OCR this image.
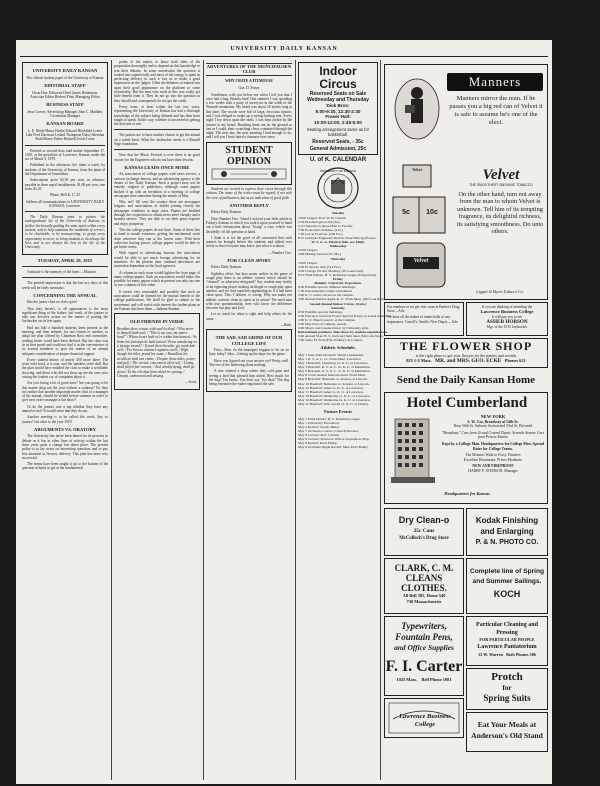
UNIVERSITY DAILY KANSAN
UNIVERSITY DAILY KANSAN

The official student paper of the University of Kansas

EDITORIAL STAFF

Oscar Hoe, Editor-in-Chief James Hoskinson, Associate Editor Herbert Flint, Managing Editor

BUSINESS STAFF

Jesse Loeser, Advertising Manager John C. Madden, Circulation Manager

KANSAN BOARD

L. E. Heide Henry Hoeke Edward Hirshfield Lester Lahr Fred Davisson Leland Thompson Daisy Sheridan Ruth Moore Esther Bodwell Jessie Lentz

Entered as second-class mail matter September 17, 1910, at the postoffice at Lawrence, Kansas, under the act of March 3, 1879.

Published in the afternoon five times a week, by students of the University of Kansas, from the plant of the Department of Journalism.

Subscription price $2.50 per year, in advance; payable in three equal installments; $1.00 per year; one term, $1.25.

Phone, Bell K. U. 25

Address all communications to UNIVERSITY DAILY KANSAN, Lawrence.

The Daily Kansan aims to picture the undergraduate life of the University of Kansas; to further the broadly guiding the same spirit within every student, and to help maintain the standards of service; to be charitable; to be unsuspecting; to grasp every opportunity to serve; to bring students to do always the best, and to see always the best in the life of the University.

TUESDAY, APRIL 20, 1915

Gratitude is the memory of the heart.—Massieu.

The general impression is that the last two days of this week will be fairly strenuous.

CONCERNING THE ANNUAL

Has the junior class no class spirit?

That they haven't, is all appearances is the most significant thing of the failure, last week, of the juniors to take any decisive action on the matter of putting the Jayhawker on its feet again.

Had not half a hundred students been present at the meeting, and then refused, for one reason or another, to adopt the plan offered by Chairman Ross and committee, nothing better could have been devised. But the class was in its best mood and could not find it in the convenience of its several members to give the matter of an annual adequate consideration or proper financial support.

Every student knows of nearly 300 more there. The seats were hard, it is true, and the speakers were dull. But the plan would have enabled the class to make a creditable showing, and those who did not show up are the ones now raising the loudest cry of complaint about it.

Are you losing a lot of good ones? Are you going to let this matter drop out the year without a solution? Do they not realize that another important matter, that of a manager of the annual, should be settled before summer in order to give next year's manager a fair show?

Or do the juniors care a rap whether they have any annual or not? It would seem that they do not.

Another meeting is to be called this week. Say so juniors! Get alive to the year 1915!

ARGUMENTS VS. ORATORY

The University has never been famed for its prowess in debate as it has in other lines of activity within the last three years quite a change has taken place. The present policy is to lay stress on interesting questions and to pay less attention to flowery delivery. This plan has been very successful.

The teams have been taught to go to the bottom of the question at hand, to get at the fundamental

points of the matter, to know both sides of the proposition thoroughly and to depend on this knowledge to win their debates. In some universities the question is looked into superficially and most of the energy is spent in perfecting delivery in such a way as to make a good impression on the judges. Often the debaters so trained win upon their good appearance on the platform or some technicality. But the men who work in this way really get little benefit from it. They do not go into the question as they should and consequently do not get the credit.

Every team, at least within the last few years, representing the University of Kansas has had a thorough knowledge of the subject being debated and has then been taught to speak. In this way, whether it succeeded in getting the decision or not.

The juniors are to have another chance to get the annual on a stable basis. What the Jayhawker needs is a Russell Sage foundation.

Now that the Music Festival is over there is no good excuse for the Engineers who do not have their lessons.

KANSAS LEADS ONCE MORE

An association of college papers with news service, a cartoon exchange bureau, and an advertising agency is the dream of the Daily Kansan. Such a project may not be entirely original to publishers, although some papers backed it up with an invitation to a meeting of college newspaper men sometime during the month of May.

Why not? All over the country there are newspaper leagues, and associations of dailies joining closely the newspaper combines in large cities. Papers are enabled through the cooperation to obtain news more cheaply and a broader service. They are able to cut their great expense and enjoy prosperity.

This the college papers do not have. Some of them live in hand to mouth existence, getting the mechanical work done wherever they can at the lowest rates. With their collective buying power, college papers would be able to get better terms.

With regard to advertising bureaus the association would be able to get much foreign advertising for its members. At the present time, national advertisers are somewhat dependent on the local agencies.

A column in each issue would lighten the front page of many college papers. Such an association would make this possible for many papers which at present can only use one or two columns of this value.

It seems very reasonable and possible that such an association could be formed for the mutual benefit of the college publications. We shall be glad to submit to the movement, and will watch with interest the further plans as the Kansan discloses them.—Indiana Student.

OLD FRIENDS IN VERSE

Breathes there a man, with soul so dead, / Who never to himself hath said, / "This is my own, my native land!" / Whose heart hath ne'er within him burned, / As home his footsteps he hath turned / From wandering on a foreign strand? / If such there breathe, go, mark him well; / For him no minstrel raptures swell; / High though his titles, proud his name, / Boundless his wealth as wish can claim; / Despite those titles, power and pelf, / The wretch, concentred all in self, / Living, shall forfeit fair renown, / And, doubly dying, shall go down / To the vile dust from which he sprung, / Unwept, unhonored and unsung.

—Scott.

ADVENTURES OF THE MUNCHAUSEN CLUB
WHY I HATE A TITMOUSE

Gus. D. Fraser

Gentlemen, with you before me when I tell you that I once had a bug. Beastly bird! One summer I was spending a few weeks with a party of surveyors in the wilds of the Wasatch mountains. My beard was about 18 inches long at this time. The woods were full of large, ferocious titmice, and I was obliged to make up a strong-looking tent. Every night I lay down upon the earth, I was kept awake by the titmice in my beard. Brushing them out on the ground as fast as I could, their scratching claws continued through the night. The next day, the next morning I had enough to do, and I tell you I have hated a titmouse ever since.

STUDENT OPINION

Students are invited to express their views through this column. The name of the writer must be signed, if not with the view of publication, but as an indication of good faith.

ANOTHER REPLY

Editor Daily Kansan:

Dear Number Two: Tassel-I noticed your little article in Friday's Kansan in which you took it upon yourself to hand out a little information about "fixing" a case, which was decidedly off the question at hand.

I think it is for the good of all concerned that such matters be brought before the students and talked over freely so that everyone may know just what it is about.

—Number Two.

FOR CLEAN SPORT

Editor Daily Kansan:

Sightless effort, but how many realize in the game of rough play there is an athletic contest which should be "cleaned" or otherwise mitigated? Any student may testify to an opposing player making an illegal or rough play upon another, and we find ourselves applauding as if it had been clean sport. This, I believe, is wrong. Why not make our athletic contests clean in spirit as in action? We need men with true sportsmanship, men who know the difference between fair play and foul.

Let us stand for what is right and help others do the same.

—Ruth.

THE SAD, SAD GRIND OF OUR COLLEGE LIFE

Fritz—How do the managers happen to be on so busy today? Jake—Getting up the dope for the game.

Have you figured out your answer yet? Pretty well. The rest of the bothering about nothing.

A teas entered a shop where they sold guns and seeing a bird that pleased him asked: How much for the dog? Ten bucks. You don't say. Too dear? The dog being extensive the trader negotiated the sale.

Indoor Circus
Reserved Seats on Sale
Wednesday and Thursday
Dick Bros:
8:00-9:30, 12:30-2:30
Fraser Hall:
10:00-12:00, 2:45-5:00
Seating arrangement same as for basketball.
Reserved Seats, - 35c
General Admission, 25c
U. of K. CALENDAR
UNIVERSITY OF KANSAS
Tuesday
10:00 Chapel; Prof. W. H. Carruth.
2:30 Entomological club (Sn.)
3-4 Chancellor's Open Hour to Faculty.
7:30 Economics Seminar. (Lib.)
7:30 Cercle Francais. (106 Fra.)
8:15 Graduate Engineers Recital, Elsie Helwig (Fraser).
W. S. G. A. Election (Mu. sec. Hall).
Wednesday
10:00 Chapel.
4:00 Mining Journal (101 Ha.)
Thursday
10:00 Chapel.
4:00 El Ateneo club (114 Fra.)
4:30 College Faculty Meeting. (05 Green hall).
8:15 Final Debate, H. S. Debating League (Chapel hall).
Friday
Holiday: University Exposition.
9:30 Exhibits open in different buildings.
1:30 Interscholastic tennis tournament.
2:00 K. U. band concert on the campus.
3:00 Annual Kansas Aggie-K. U. Track Meet. (McCook field).
Second Annual Indoor Circus. (Gym.)
Saturday
8:30 Exhibits open in buildings.
9:30 Fine Arts recital in Fraser. Special Friday by Greek dramatics.
2:00 K. U. Band Concert on the Campus.
3:00 May Fete on Campus, parade.
4:00 Mayor and Greeks Dance by University girls.
Refreshment pavilions. Side shows by student organizations.
5:00 Annual State H. S. track and field meet (McCook field).
7:00 Santa Fe Trail (Fife-Widney) on Campus.
Athletic Schedule.
May 1 State Interscholastic Tennis tournament.
May 1 K. S. A. C. vs. Track Meet, Lawrence.
May 1 Baseball. Lindsborg vs. K. U. at Lawrence.
May 3 Baseball, K. S. A. C. vs. K. U. at Manhattan.
May 6 Baseball. K. S. A. C. vs. K. U. at Manhattan.
May 8 Track Annual Interscholastic Track Meet.
May 8 Baseball: Nebraska vs. Kansas, at Lincoln.
May 10 Baseball: Nebraska vs. Kansas, at Lincoln.
May 12 Baseball: Ames vs. K. U. at Lawrence.
May 15 Baseball: Ames vs. K. U. at Lawrence.
May 18 Baseball: Oklahoma vs. K. U. at Lawrence.
May 19 Baseball: Oklahoma vs. K. U. at Lawrence.
May 21 Baseball: Wm. Jewell vs. K. U. at Liberty.
Future Events
May 1 Final Debate: H. S. Debating League.
May 1 University Exposition.
May 4 Recital: Gladys Henry.
May 7 Orchestra concert. Council Election.
May 8 Lecture: Prof. Carruth.
May 8 Lecture: Professor Wilcox Sophomore Hop.
May 8 Recital: Pearl Emley.
May 8 Graduate Organ Recital: Miss Pearl Bailey.
Manners
Manners mirror the man. If he passes you a big red can of Velvet it is safe to assume he's one of the elect.
Velvet
5c	10c
Velvet
Velvet
THE SMOOTHEST SMOKING TOBACCO
On the other hand, turn not away from the man to whom Velvet is unknown. Tell him of its tempting fragrance, its delightful richness, its satisfying smoothness. Do unto others.
Liggett & Myers Tobacco Co.
For numbers or set get visit cases at Barber's Drug Store—Adv.
We have all the makes of tennis balls of any importance, Carroll's, Smith's New Depot.—Adv.
If you are thinking of attending the
Lawrence Business College
It will pay you to see
ASHER HOBSON
Mgr. of the 1915 Jayhawker
THE FLOWER SHOP
is the right place to get your flowers for the parties and recitals
825 1-2 Mass. MR. and MRS. GEO. ECKE Phones 621
Send the Daily Kansan Home
Hotel Cumberland
NEW YORK
S. W. Cor. Broadway at 54th St.
Near 50th St. Subway Station and 53rd St. Elevated
"Broadway" Cars from Grand Central Depot. Seventh Avenue Cars from Penn'a Station
Kept by a College Man. Headquarters for College Men. Special Rates for College Teams.
Ten Minutes Walk to Forty Theatres
Excellent Restaurant. Prices Moderate
NEW AND FIREPROOF
HARRY P. STIMSON, Manager
Headquarters for Kansas
Dry Clean-o
25c Cans
McColloch's Drug Store
Kodak Finishing
and Enlarging
P. & N. PHOTO CO.
CLARK, C. M.
CLEANS
CLOTHES.
All Bell 385, Home 540
730 Massachusetts
Complete line of Spring
and Summer Sailings.
KOCH
Typewriters,
Fountain Pens,
and Office Supplies
F. I. Carter
1025 Mass. Bell Phone 1081
Particular Cleaning and Pressing
FOR PARTICULAR PEOPLE
Lawrence Pantatorium
12 W. Warren Both Phones 506
Protch
for
Spring Suits
Lawrence Business College	Eat Your Meals at
Anderson's Old Stand
